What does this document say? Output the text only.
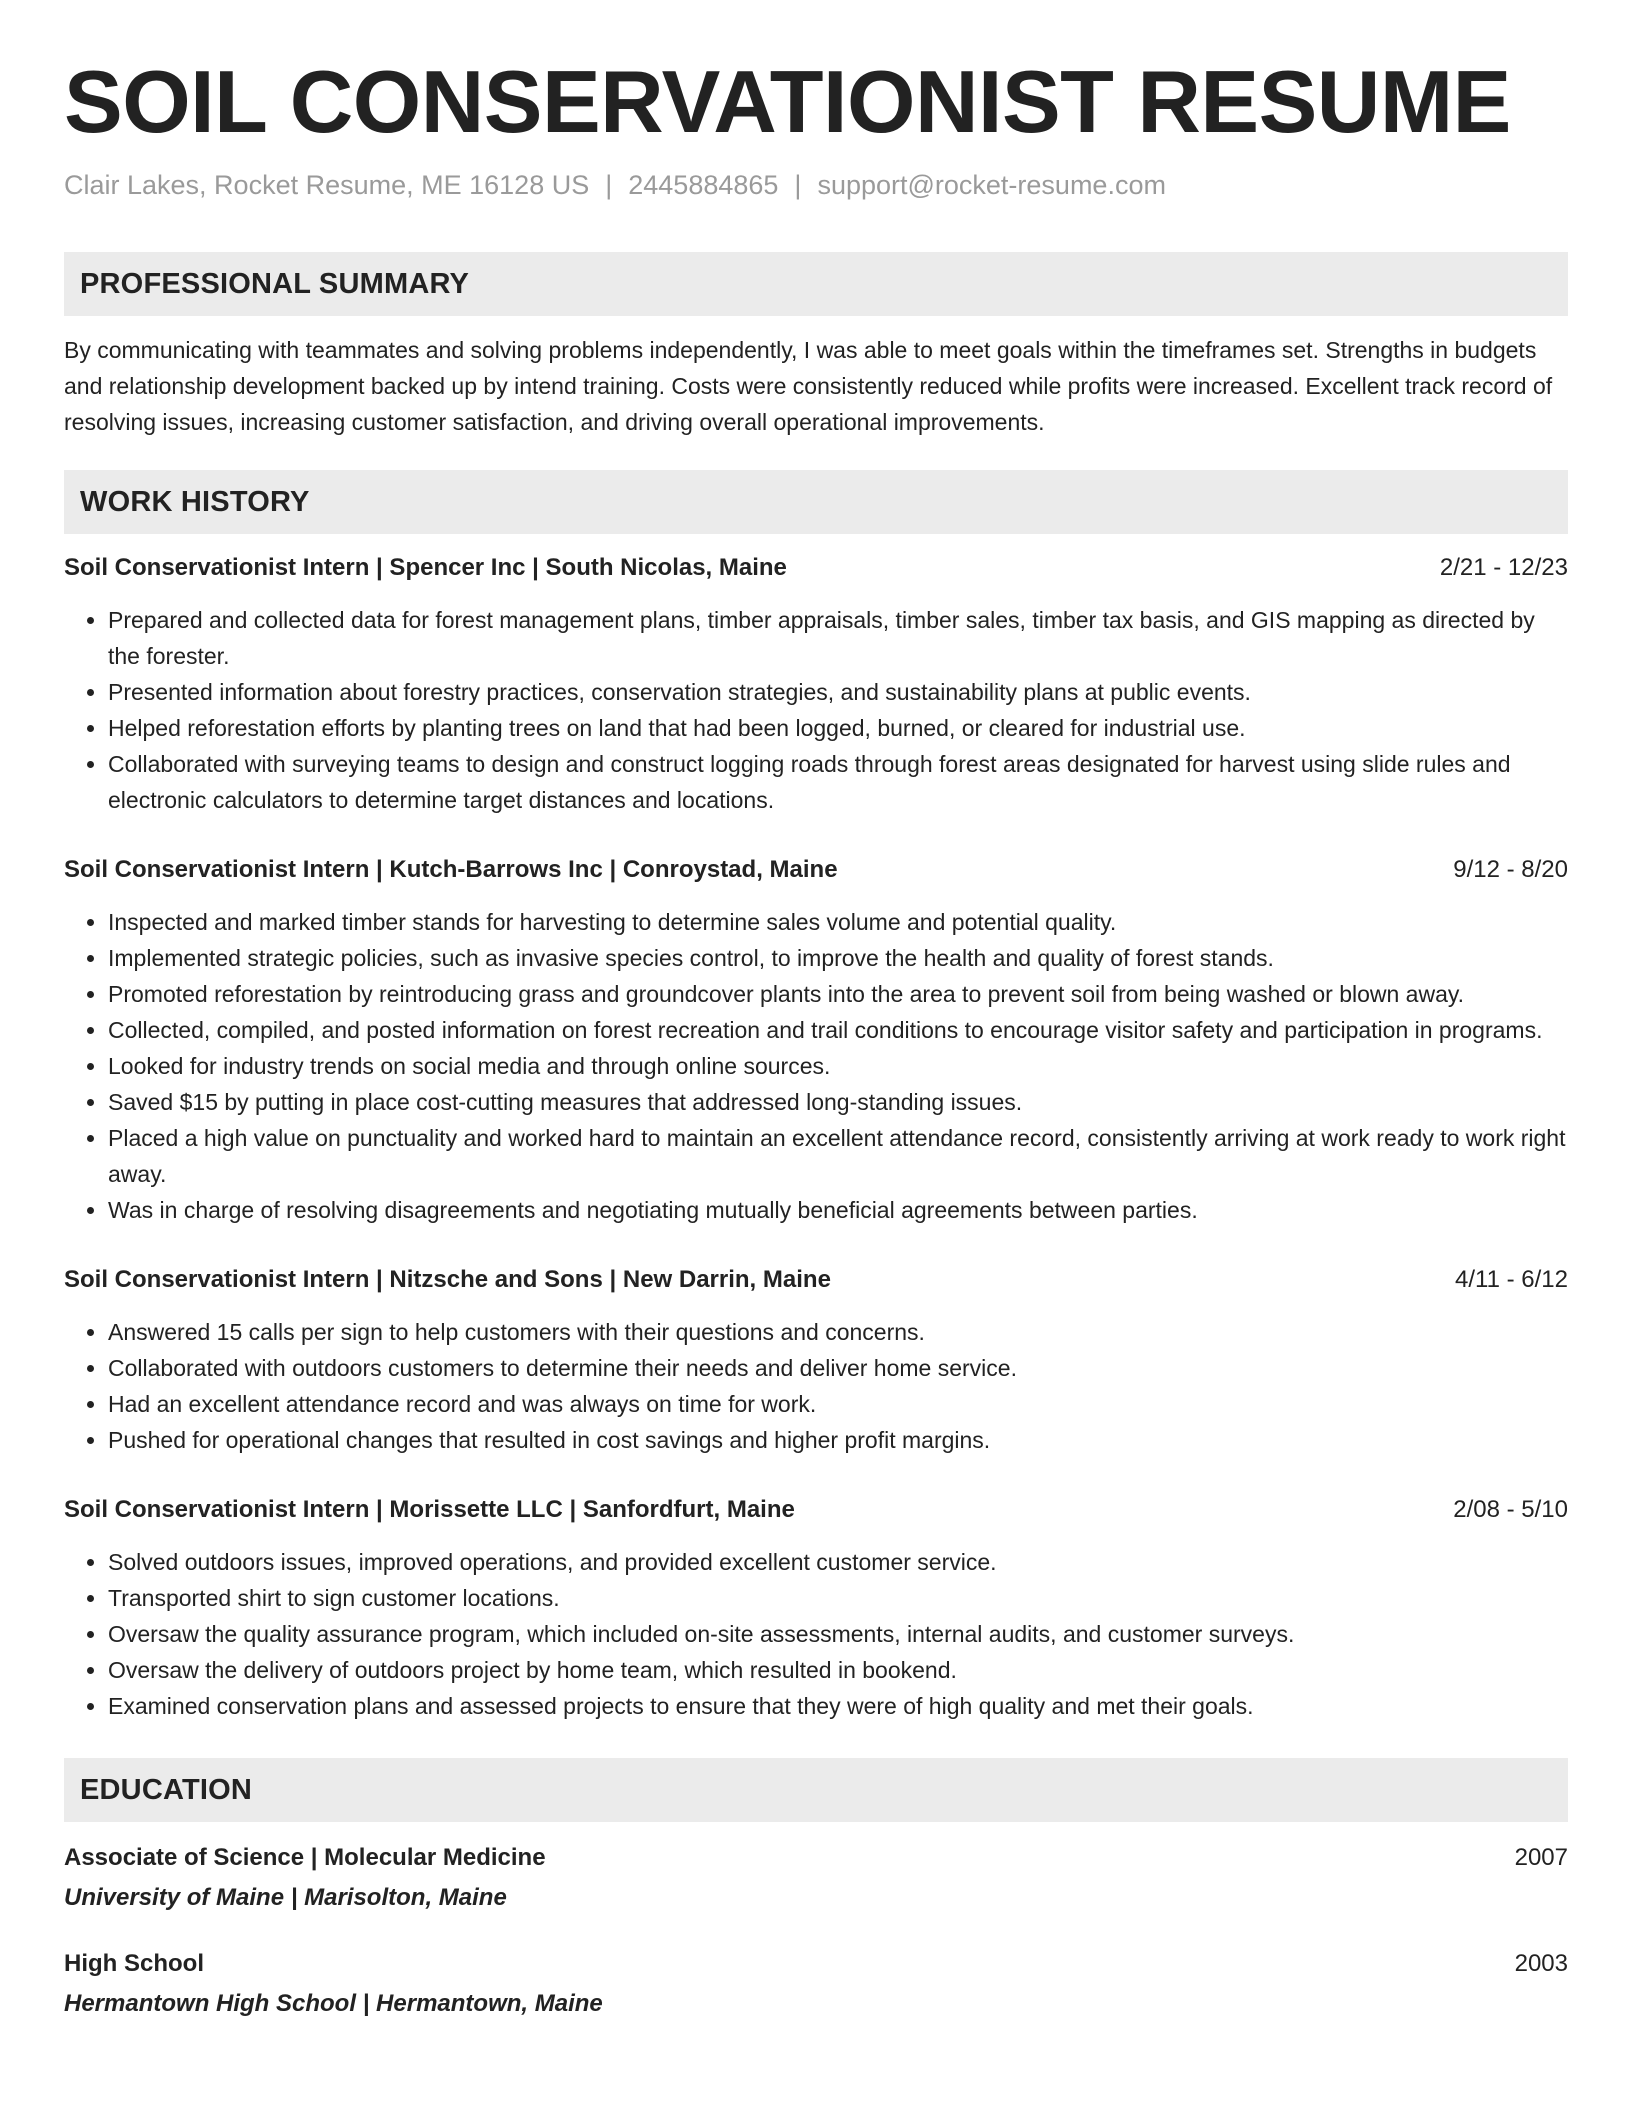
SOIL CONSERVATIONIST RESUME
Clair Lakes, Rocket Resume, ME 16128 US | 2445884865 | support@rocket-resume.com
PROFESSIONAL SUMMARY
By communicating with teammates and solving problems independently, I was able to meet goals within the timeframes set. Strengths in budgets and relationship development backed up by intend training. Costs were consistently reduced while profits were increased. Excellent track record of resolving issues, increasing customer satisfaction, and driving overall operational improvements.
WORK HISTORY
Soil Conservationist Intern | Spencer Inc | South Nicolas, Maine	2/21 - 12/23
• Prepared and collected data for forest management plans, timber appraisals, timber sales, timber tax basis, and GIS mapping as directed by the forester.
• Presented information about forestry practices, conservation strategies, and sustainability plans at public events.
• Helped reforestation efforts by planting trees on land that had been logged, burned, or cleared for industrial use.
• Collaborated with surveying teams to design and construct logging roads through forest areas designated for harvest using slide rules and electronic calculators to determine target distances and locations.
Soil Conservationist Intern | Kutch-Barrows Inc | Conroystad, Maine	9/12 - 8/20
• Inspected and marked timber stands for harvesting to determine sales volume and potential quality.
• Implemented strategic policies, such as invasive species control, to improve the health and quality of forest stands.
• Promoted reforestation by reintroducing grass and groundcover plants into the area to prevent soil from being washed or blown away.
• Collected, compiled, and posted information on forest recreation and trail conditions to encourage visitor safety and participation in programs.
• Looked for industry trends on social media and through online sources.
• Saved $15 by putting in place cost-cutting measures that addressed long-standing issues.
• Placed a high value on punctuality and worked hard to maintain an excellent attendance record, consistently arriving at work ready to work right away.
• Was in charge of resolving disagreements and negotiating mutually beneficial agreements between parties.
Soil Conservationist Intern | Nitzsche and Sons | New Darrin, Maine	4/11 - 6/12
• Answered 15 calls per sign to help customers with their questions and concerns.
• Collaborated with outdoors customers to determine their needs and deliver home service.
• Had an excellent attendance record and was always on time for work.
• Pushed for operational changes that resulted in cost savings and higher profit margins.
Soil Conservationist Intern | Morissette LLC | Sanfordfurt, Maine	2/08 - 5/10
• Solved outdoors issues, improved operations, and provided excellent customer service.
• Transported shirt to sign customer locations.
• Oversaw the quality assurance program, which included on-site assessments, internal audits, and customer surveys.
• Oversaw the delivery of outdoors project by home team, which resulted in bookend.
• Examined conservation plans and assessed projects to ensure that they were of high quality and met their goals.
EDUCATION
Associate of Science | Molecular Medicine	2007
University of Maine | Marisolton, Maine
High School	2003
Hermantown High School | Hermantown, Maine
